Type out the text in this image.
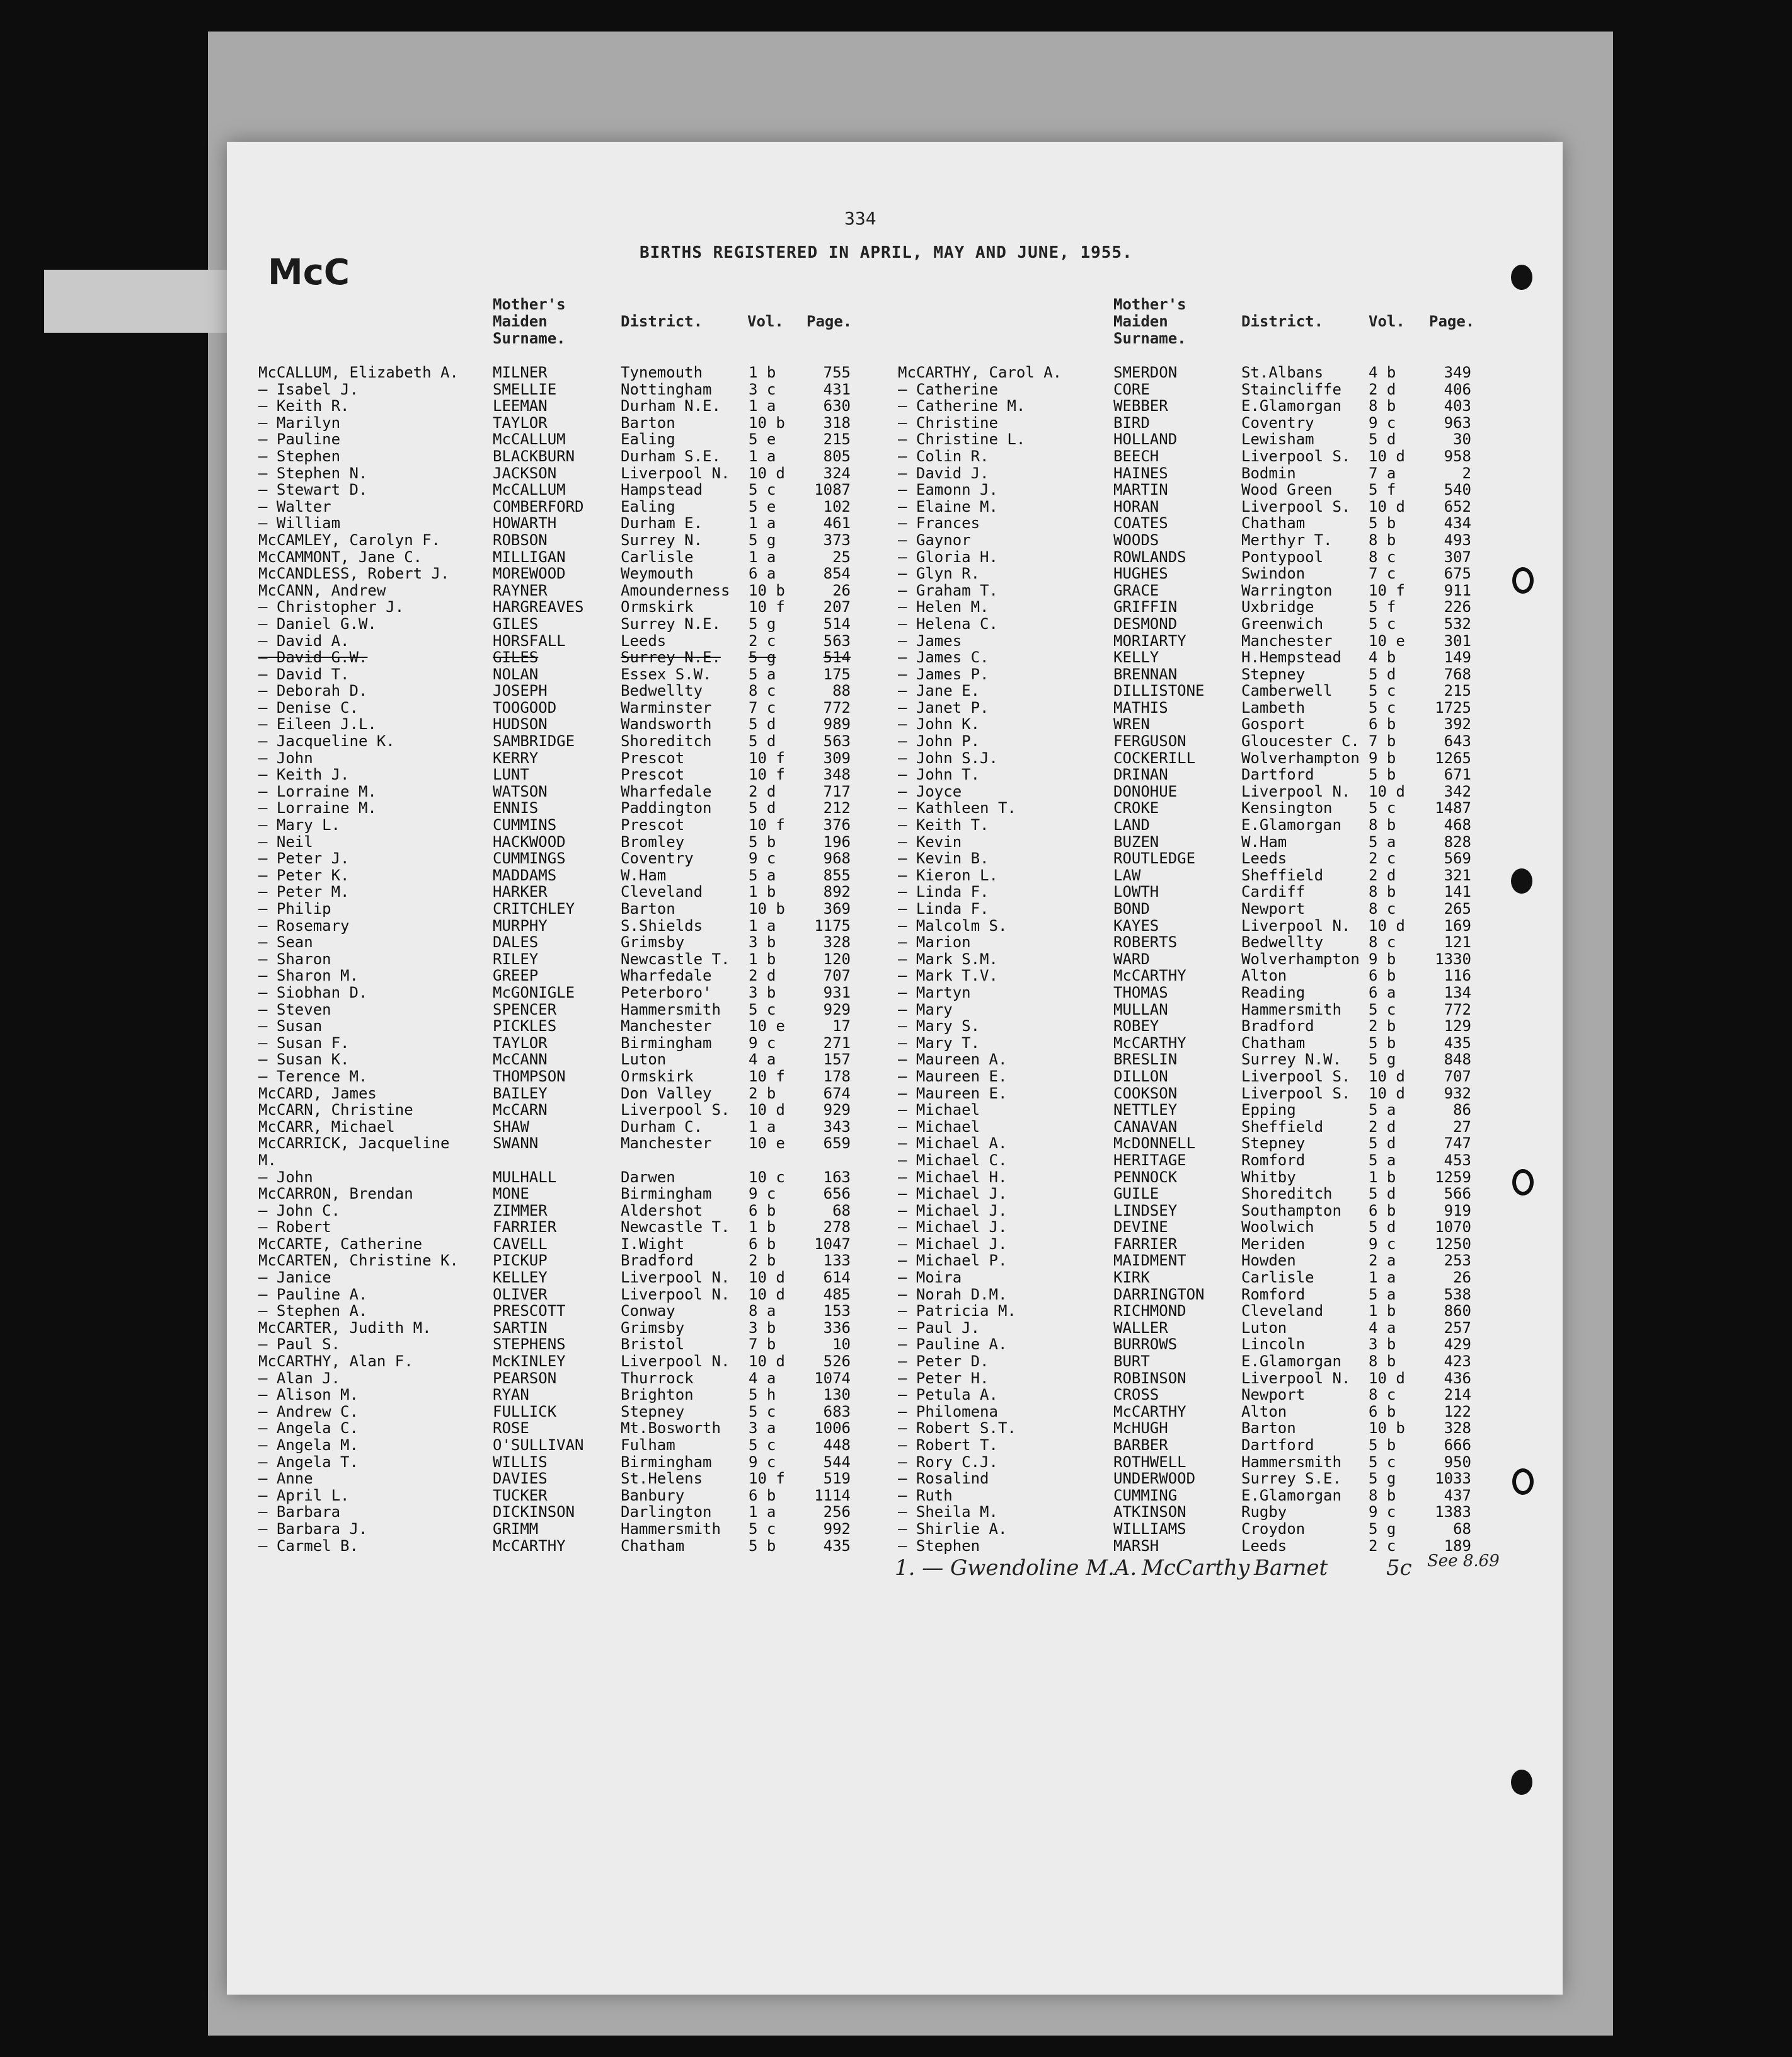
McC
334
BIRTHS REGISTERED IN APRIL, MAY AND JUNE, 1955.
Mother's
Maiden
Surname.
District.	Vol. Page.
Mother's
Maiden
Surname.
District.	Vol. Page.
McCALLUM, Elizabeth A. MILNER	Tynemouth	1 b	755
— Isabel J.	SMELLIE	Nottingham 3 c	431
— Keith R.	LEEMAN	Durham N.E. 1 a	630
— Marilyn	TAYLOR	Barton	10 b	318
— Pauline	McCALLUM	Ealing	5 e	215
— Stephen	BLACKBURN	Durham S.E. 1 a	805
— Stephen N.	JACKSON	Liverpool N. 10 d	324
— Stewart D.	McCALLUM	Hampstead	5 c	1087
— Walter	COMBERFORD Ealing	5 e	102
— William	HOWARTH	Durham E.	1 a	461
McCAMLEY, Carolyn F.	ROBSON	Surrey N.	5 g	373
McCAMMONT, Jane C.	MILLIGAN	Carlisle	1 a	25
McCANDLESS, Robert J.	MOREWOOD	Weymouth	6 a	854
McCANN, Andrew	RAYNER	Amounderness 10 b	26
— Christopher J.	HARGREAVES Ormskirk	10 f	207
— Daniel G.W.	GILES	Surrey N.E. 5 g	514
— David A.	HORSFALL	Leeds	2 c	563
— David G.W.	GILES	Surrey N.E. 5 g	514
— David T.	NOLAN	Essex S.W. 5 a	175
— Deborah D.	JOSEPH	Bedwellty	8 c	88
— Denise C.	TOOGOOD	Warminster 7 c	772
— Eileen J.L.	HUDSON	Wandsworth 5 d	989
— Jacqueline K.	SAMBRIDGE	Shoreditch 5 d	563
— John	KERRY	Prescot	10 f	309
— Keith J.	LUNT	Prescot	10 f	348
— Lorraine M.	WATSON	Wharfedale 2 d	717
— Lorraine M.	ENNIS	Paddington 5 d	212
— Mary L.	CUMMINS	Prescot	10 f	376
— Neil	HACKWOOD	Bromley	5 b	196
— Peter J.	CUMMINGS	Coventry	9 c	968
— Peter K.	MADDAMS	W.Ham	5 a	855
— Peter M.	HARKER	Cleveland	1 b	892
— Philip	CRITCHLEY	Barton	10 b	369
— Rosemary	MURPHY	S.Shields	1 a	1175
— Sean	DALES	Grimsby	3 b	328
— Sharon	RILEY	Newcastle T. 1 b	120
— Sharon M.	GREEP	Wharfedale 2 d	707
— Siobhan D.	McGONIGLE	Peterboro' 3 b	931
— Steven	SPENCER	Hammersmith 5 c	929
— Susan	PICKLES	Manchester 10 e	17
— Susan F.	TAYLOR	Birmingham 9 c	271
— Susan K.	McCANN	Luton	4 a	157
— Terence M.	THOMPSON	Ormskirk	10 f	178
McCARD, James	BAILEY	Don Valley 2 b	674
McCARN, Christine	McCARN	Liverpool S. 10 d	929
McCARR, Michael	SHAW	Durham C.	1 a	343
McCARRICK, Jacqueline	SWANN	Manchester 10 e	659
M.
— John	MULHALL	Darwen	10 c	163
McCARRON, Brendan	MONE	Birmingham 9 c	656
— John C.	ZIMMER	Aldershot	6 b	68
— Robert	FARRIER	Newcastle T. 1 b	278
McCARTE, Catherine	CAVELL	I.Wight	6 b	1047
McCARTEN, Christine K. PICKUP	Bradford	2 b	133
— Janice	KELLEY	Liverpool N. 10 d	614
— Pauline A.	OLIVER	Liverpool N. 10 d	485
— Stephen A.	PRESCOTT	Conway	8 a	153
McCARTER, Judith M.	SARTIN	Grimsby	3 b	336
— Paul S.	STEPHENS	Bristol	7 b	10
McCARTHY, Alan F.	McKINLEY	Liverpool N. 10 d	526
— Alan J.	PEARSON	Thurrock	4 a	1074
— Alison M.	RYAN	Brighton	5 h	130
— Andrew C.	FULLICK	Stepney	5 c	683
— Angela C.	ROSE	Mt.Bosworth 3 a	1006
— Angela M.	O'SULLIVAN Fulham	5 c	448
— Angela T.	WILLIS	Birmingham 9 c	544
— Anne	DAVIES	St.Helens	10 f	519
— April L.	TUCKER	Banbury	6 b	1114
— Barbara	DICKINSON	Darlington 1 a	256
— Barbara J.	GRIMM	Hammersmith 5 c	992
— Carmel B.	McCARTHY	Chatham	5 b	435
McCARTHY, Carol A.	SMERDON	St.Albans	4 b	349
— Catherine	CORE	Staincliffe 2 d	406
— Catherine M.	WEBBER	E.Glamorgan 8 b	403
— Christine	BIRD	Coventry	9 c	963
— Christine L.	HOLLAND	Lewisham	5 d	30
— Colin R.	BEECH	Liverpool S. 10 d	958
— David J.	HAINES	Bodmin	7 a	2
— Eamonn J.	MARTIN	Wood Green 5 f	540
— Elaine M.	HORAN	Liverpool S. 10 d	652
— Frances	COATES	Chatham	5 b	434
— Gaynor	WOODS	Merthyr T. 8 b	493
— Gloria H.	ROWLANDS	Pontypool	8 c	307
— Glyn R.	HUGHES	Swindon	7 c	675
— Graham T.	GRACE	Warrington 10 f	911
— Helen M.	GRIFFIN	Uxbridge	5 f	226
— Helena C.	DESMOND	Greenwich	5 c	532
— James	MORIARTY	Manchester 10 e	301
— James C.	KELLY	H.Hempstead 4 b	149
— James P.	BRENNAN	Stepney	5 d	768
— Jane E.	DILLISTONE Camberwell 5 c	215
— Janet P.	MATHIS	Lambeth	5 c	1725
— John K.	WREN	Gosport	6 b	392
— John P.	FERGUSON	Gloucester C. 7 b	643
— John S.J.	COCKERILL	Wolverhampton 9 b	1265
— John T.	DRINAN	Dartford	5 b	671
— Joyce	DONOHUE	Liverpool N. 10 d	342
— Kathleen T.	CROKE	Kensington 5 c	1487
— Keith T.	LAND	E.Glamorgan 8 b	468
— Kevin	BUZEN	W.Ham	5 a	828
— Kevin B.	ROUTLEDGE	Leeds	2 c	569
— Kieron L.	LAW	Sheffield	2 d	321
— Linda F.	LOWTH	Cardiff	8 b	141
— Linda F.	BOND	Newport	8 c	265
— Malcolm S.	KAYES	Liverpool N. 10 d	169
— Marion	ROBERTS	Bedwellty	8 c	121
— Mark S.M.	WARD	Wolverhampton 9 b	1330
— Mark T.V.	McCARTHY	Alton	6 b	116
— Martyn	THOMAS	Reading	6 a	134
— Mary	MULLAN	Hammersmith 5 c	772
— Mary S.	ROBEY	Bradford	2 b	129
— Mary T.	McCARTHY	Chatham	5 b	435
— Maureen A.	BRESLIN	Surrey N.W. 5 g	848
— Maureen E.	DILLON	Liverpool S. 10 d	707
— Maureen E.	COOKSON	Liverpool S. 10 d	932
— Michael	NETTLEY	Epping	5 a	86
— Michael	CANAVAN	Sheffield	2 d	27
— Michael A.	McDONNELL	Stepney	5 d	747
— Michael C.	HERITAGE	Romford	5 a	453
— Michael H.	PENNOCK	Whitby	1 b	1259
— Michael J.	GUILE	Shoreditch 5 d	566
— Michael J.	LINDSEY	Southampton 6 b	919
— Michael J.	DEVINE	Woolwich	5 d	1070
— Michael J.	FARRIER	Meriden	9 c	1250
— Michael P.	MAIDMENT	Howden	2 a	253
— Moira	KIRK	Carlisle	1 a	26
— Norah D.M.	DARRINGTON Romford	5 a	538
— Patricia M.	RICHMOND	Cleveland	1 b	860
— Paul J.	WALLER	Luton	4 a	257
— Pauline A.	BURROWS	Lincoln	3 b	429
— Peter D.	BURT	E.Glamorgan 8 b	423
— Peter H.	ROBINSON	Liverpool N. 10 d	436
— Petula A.	CROSS	Newport	8 c	214
— Philomena	McCARTHY	Alton	6 b	122
— Robert S.T.	McHUGH	Barton	10 b	328
— Robert T.	BARBER	Dartford	5 b	666
— Rory C.J.	ROTHWELL	Hammersmith 5 c	950
— Rosalind	UNDERWOOD	Surrey S.E. 5 g	1033
— Ruth	CUMMING	E.Glamorgan 8 b	437
— Sheila M.	ATKINSON	Rugby	9 c	1383
— Shirlie A.	WILLIAMS	Croydon	5 g	68
— Stephen	MARSH	Leeds	2 c	189
1. — Gwendoline M.A. McCarthy Barnet	5c See 8.69
